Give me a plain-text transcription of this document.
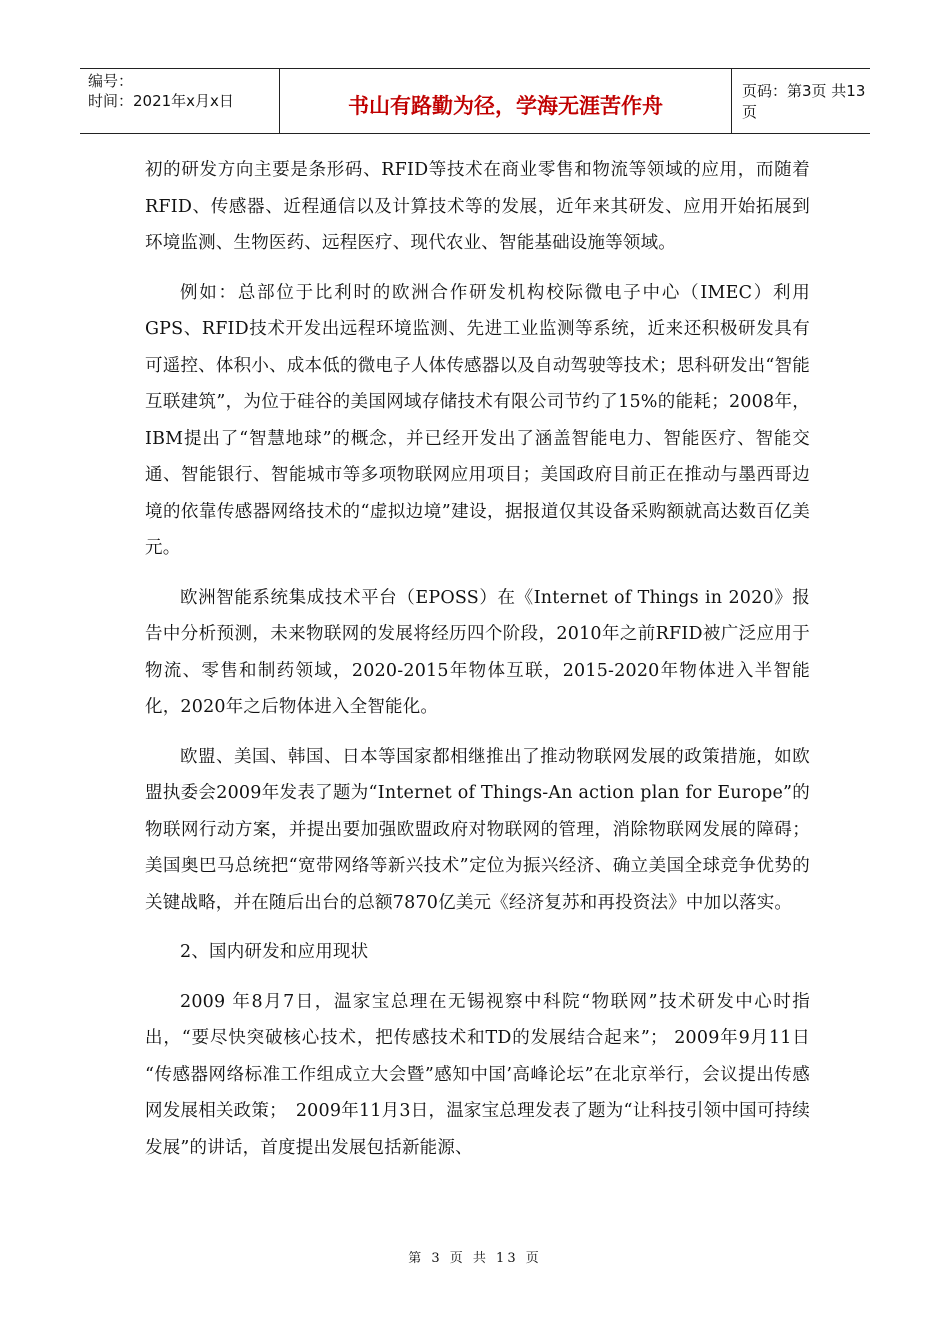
编号：
时间：2021年x月x日	书山有路勤为径，学海无涯苦作舟
页码：第3页 共13页

初的研发方向主要是条形码、RFID等技术在商业零售和物流等领域的应用，而随着RFID、传感器、近程通信以及计算技术等的发展，近年来其研发、应用开始拓展到环境监测、生物医药、远程医疗、现代农业、智能基础设施等领域。

例如：总部位于比利时的欧洲合作研发机构校际微电子中心（IMEC）利用GPS、RFID技术开发出远程环境监测、先进工业监测等系统，近来还积极研发具有可遥控、体积小、成本低的微电子人体传感器以及自动驾驶等技术；思科研发出“智能互联建筑”，为位于硅谷的美国网域存储技术有限公司节约了15%的能耗；2008年，IBM提出了“智慧地球”的概念，并已经开发出了涵盖智能电力、智能医疗、智能交通、智能银行、智能城市等多项物联网应用项目；美国政府目前正在推动与墨西哥边境的依靠传感器网络技术的“虚拟边境”建设，据报道仅其设备采购额就高达数百亿美元。

欧洲智能系统集成技术平台（EPOSS）在《Internet of Things in 2020》报告中分析预测，未来物联网的发展将经历四个阶段，2010年之前RFID被广泛应用于物流、零售和制药领域，2020-2015年物体互联，2015-2020年物体进入半智能化，2020年之后物体进入全智能化。

欧盟、美国、韩国、日本等国家都相继推出了推动物联网发展的政策措施，如欧盟执委会2009年发表了题为“Internet of Things-An action plan for Europe”的物联网行动方案，并提出要加强欧盟政府对物联网的管理，消除物联网发展的障碍；美国奥巴马总统把“宽带网络等新兴技术”定位为振兴经济、确立美国全球竞争优势的关键战略，并在随后出台的总额7870亿美元《经济复苏和再投资法》中加以落实。

2、国内研发和应用现状

2009 年8月7日，温家宝总理在无锡视察中科院“物联网”技术研发中心时指出，“要尽快突破核心技术，把传感技术和TD的发展结合起来”； 2009年9月11日 “传感器网络标准工作组成立大会暨”感知中国’高峰论坛”在北京举行，会议提出传感网发展相关政策；　2009年11月3日，温家宝总理发表了题为“让科技引领中国可持续发展”的讲话，首度提出发展包括新能源、

第 3 页 共 13 页
